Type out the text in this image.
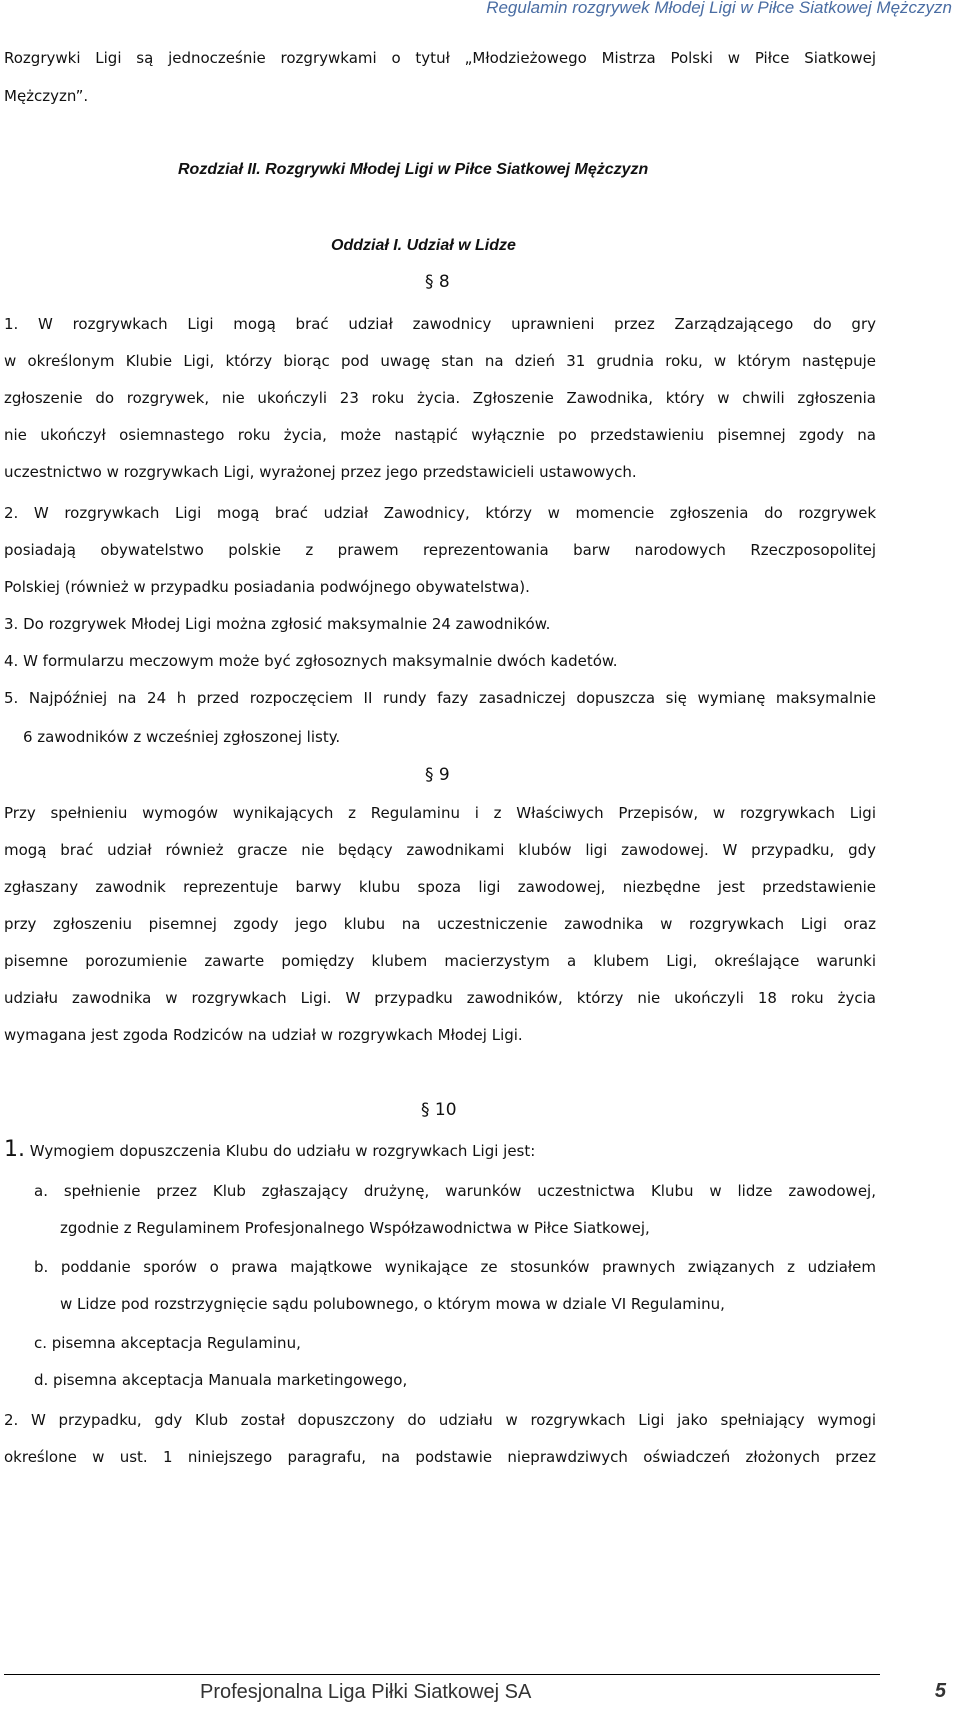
Regulamin rozgrywek Młodej Ligi w Piłce Siatkowej Mężczyzn
Rozgrywki Ligi są jednocześnie rozgrywkami o tytuł „Młodzieżowego Mistrza Polski w Piłce Siatkowej
Mężczyzn”.
Rozdział II. Rozgrywki Młodej Ligi w Piłce Siatkowej Mężczyzn
Oddział I. Udział w Lidze
§ 8
1. W rozgrywkach Ligi mogą brać udział zawodnicy uprawnieni przez Zarządzającego do gry
w określonym Klubie Ligi, którzy biorąc pod uwagę stan na dzień 31 grudnia roku, w którym następuje
zgłoszenie do rozgrywek, nie ukończyli 23 roku życia. Zgłoszenie Zawodnika, który w chwili zgłoszenia
nie ukończył osiemnastego roku życia, może nastąpić wyłącznie po przedstawieniu pisemnej zgody na
uczestnictwo w rozgrywkach Ligi, wyrażonej przez jego przedstawicieli ustawowych.
2. W rozgrywkach Ligi mogą brać udział Zawodnicy, którzy w momencie zgłoszenia do rozgrywek
posiadają obywatelstwo polskie z prawem reprezentowania barw narodowych Rzeczposopolitej
Polskiej (również w przypadku posiadania podwójnego obywatelstwa).
3. Do rozgrywek Młodej Ligi można zgłosić maksymalnie 24 zawodników.
4. W formularzu meczowym może być zgłosoznych maksymalnie dwóch kadetów.
5. Najpóźniej na 24 h przed rozpoczęciem II rundy fazy zasadniczej dopuszcza się wymianę maksymalnie
6 zawodników z wcześniej zgłoszonej listy.
§ 9
Przy spełnieniu wymogów wynikających z Regulaminu i z Właściwych Przepisów, w rozgrywkach Ligi
mogą brać udział również gracze nie będący zawodnikami klubów ligi zawodowej. W przypadku, gdy
zgłaszany zawodnik reprezentuje barwy klubu spoza ligi zawodowej, niezbędne jest przedstawienie
przy zgłoszeniu pisemnej zgody jego klubu na uczestniczenie zawodnika w rozgrywkach Ligi oraz
pisemne porozumienie zawarte pomiędzy klubem macierzystym a klubem Ligi, określające warunki
udziału zawodnika w rozgrywkach Ligi. W przypadku zawodników, którzy nie ukończyli 18 roku życia
wymagana jest zgoda Rodziców na udział w rozgrywkach Młodej Ligi.
§ 10
1. Wymogiem dopuszczenia Klubu do udziału w rozgrywkach Ligi jest:
a. spełnienie przez Klub zgłaszający drużynę, warunków uczestnictwa Klubu w lidze zawodowej,
zgodnie z Regulaminem Profesjonalnego Współzawodnictwa w Piłce Siatkowej,
b. poddanie sporów o prawa majątkowe wynikające ze stosunków prawnych związanych z udziałem
w Lidze pod rozstrzygnięcie sądu polubownego, o którym mowa w dziale VI Regulaminu,
c. pisemna akceptacja Regulaminu,
d. pisemna akceptacja Manuala marketingowego,
2. W przypadku, gdy Klub został dopuszczony do udziału w rozgrywkach Ligi jako spełniający wymogi
określone w ust. 1 niniejszego paragrafu, na podstawie nieprawdziwych oświadczeń złożonych przez
Profesjonalna Liga Piłki Siatkowej SA	5
